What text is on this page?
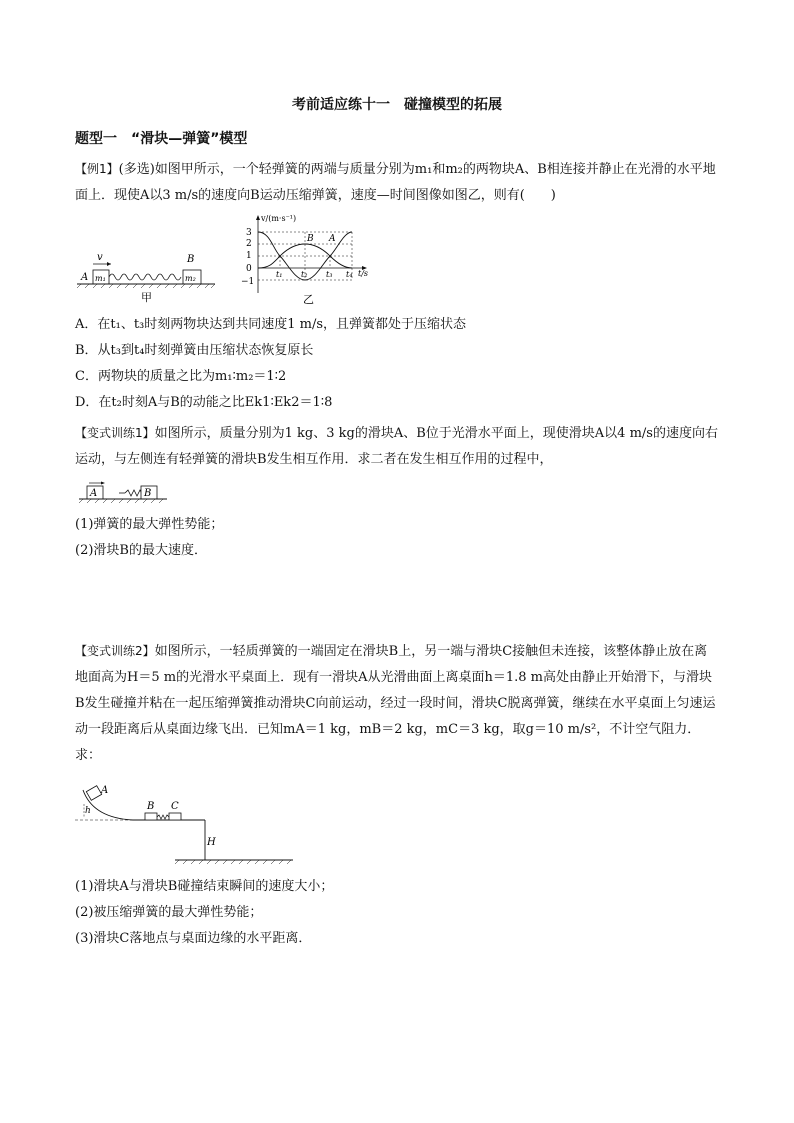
考前适应练十一　碰撞模型的拓展
题型一　“滑块—弹簧”模型
【例1】(多选)如图甲所示，一个轻弹簧的两端与质量分别为m₁和m₂的两物块A、B相连接并静止在光滑的水平地面上．现使A以3 m/s的速度向B运动压缩弹簧，速度—时间图像如图乙，则有(　　)
v	B
A m₁	m₂
甲
v/(m·s⁻¹)
t/s
3
2
1
0
−1
B A
t₁ t₂ t₃ t₄
乙
A．在t₁、t₃时刻两物块达到共同速度1 m/s，且弹簧都处于压缩状态
B．从t₃到t₄时刻弹簧由压缩状态恢复原长
C．两物块的质量之比为m₁∶m₂＝1∶2
D．在t₂时刻A与B的动能之比Ek1∶Ek2＝1∶8
【变式训练1】如图所示，质量分别为1 kg、3 kg的滑块A、B位于光滑水平面上，现使滑块A以4 m/s的速度向右运动，与左侧连有轻弹簧的滑块B发生相互作用．求二者在发生相互作用的过程中，
A	B
(1)弹簧的最大弹性势能；
(2)滑块B的最大速度．
【变式训练2】如图所示，一轻质弹簧的一端固定在滑块B上，另一端与滑块C接触但未连接，该整体静止放在离地面高为H＝5 m的光滑水平桌面上．现有一滑块A从光滑曲面上离桌面h＝1.8 m高处由静止开始滑下，与滑块B发生碰撞并粘在一起压缩弹簧推动滑块C向前运动，经过一段时间，滑块C脱离弹簧，继续在水平桌面上匀速运动一段距离后从桌面边缘飞出．已知mA＝1 kg，mB＝2 kg，mC＝3 kg，取g＝10 m/s²，不计空气阻力．求：
A
h	B C
H
(1)滑块A与滑块B碰撞结束瞬间的速度大小；
(2)被压缩弹簧的最大弹性势能；
(3)滑块C落地点与桌面边缘的水平距离．
